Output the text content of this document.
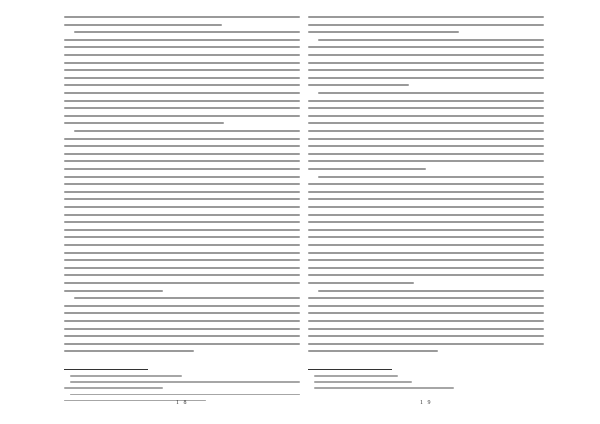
1 8	1 9
